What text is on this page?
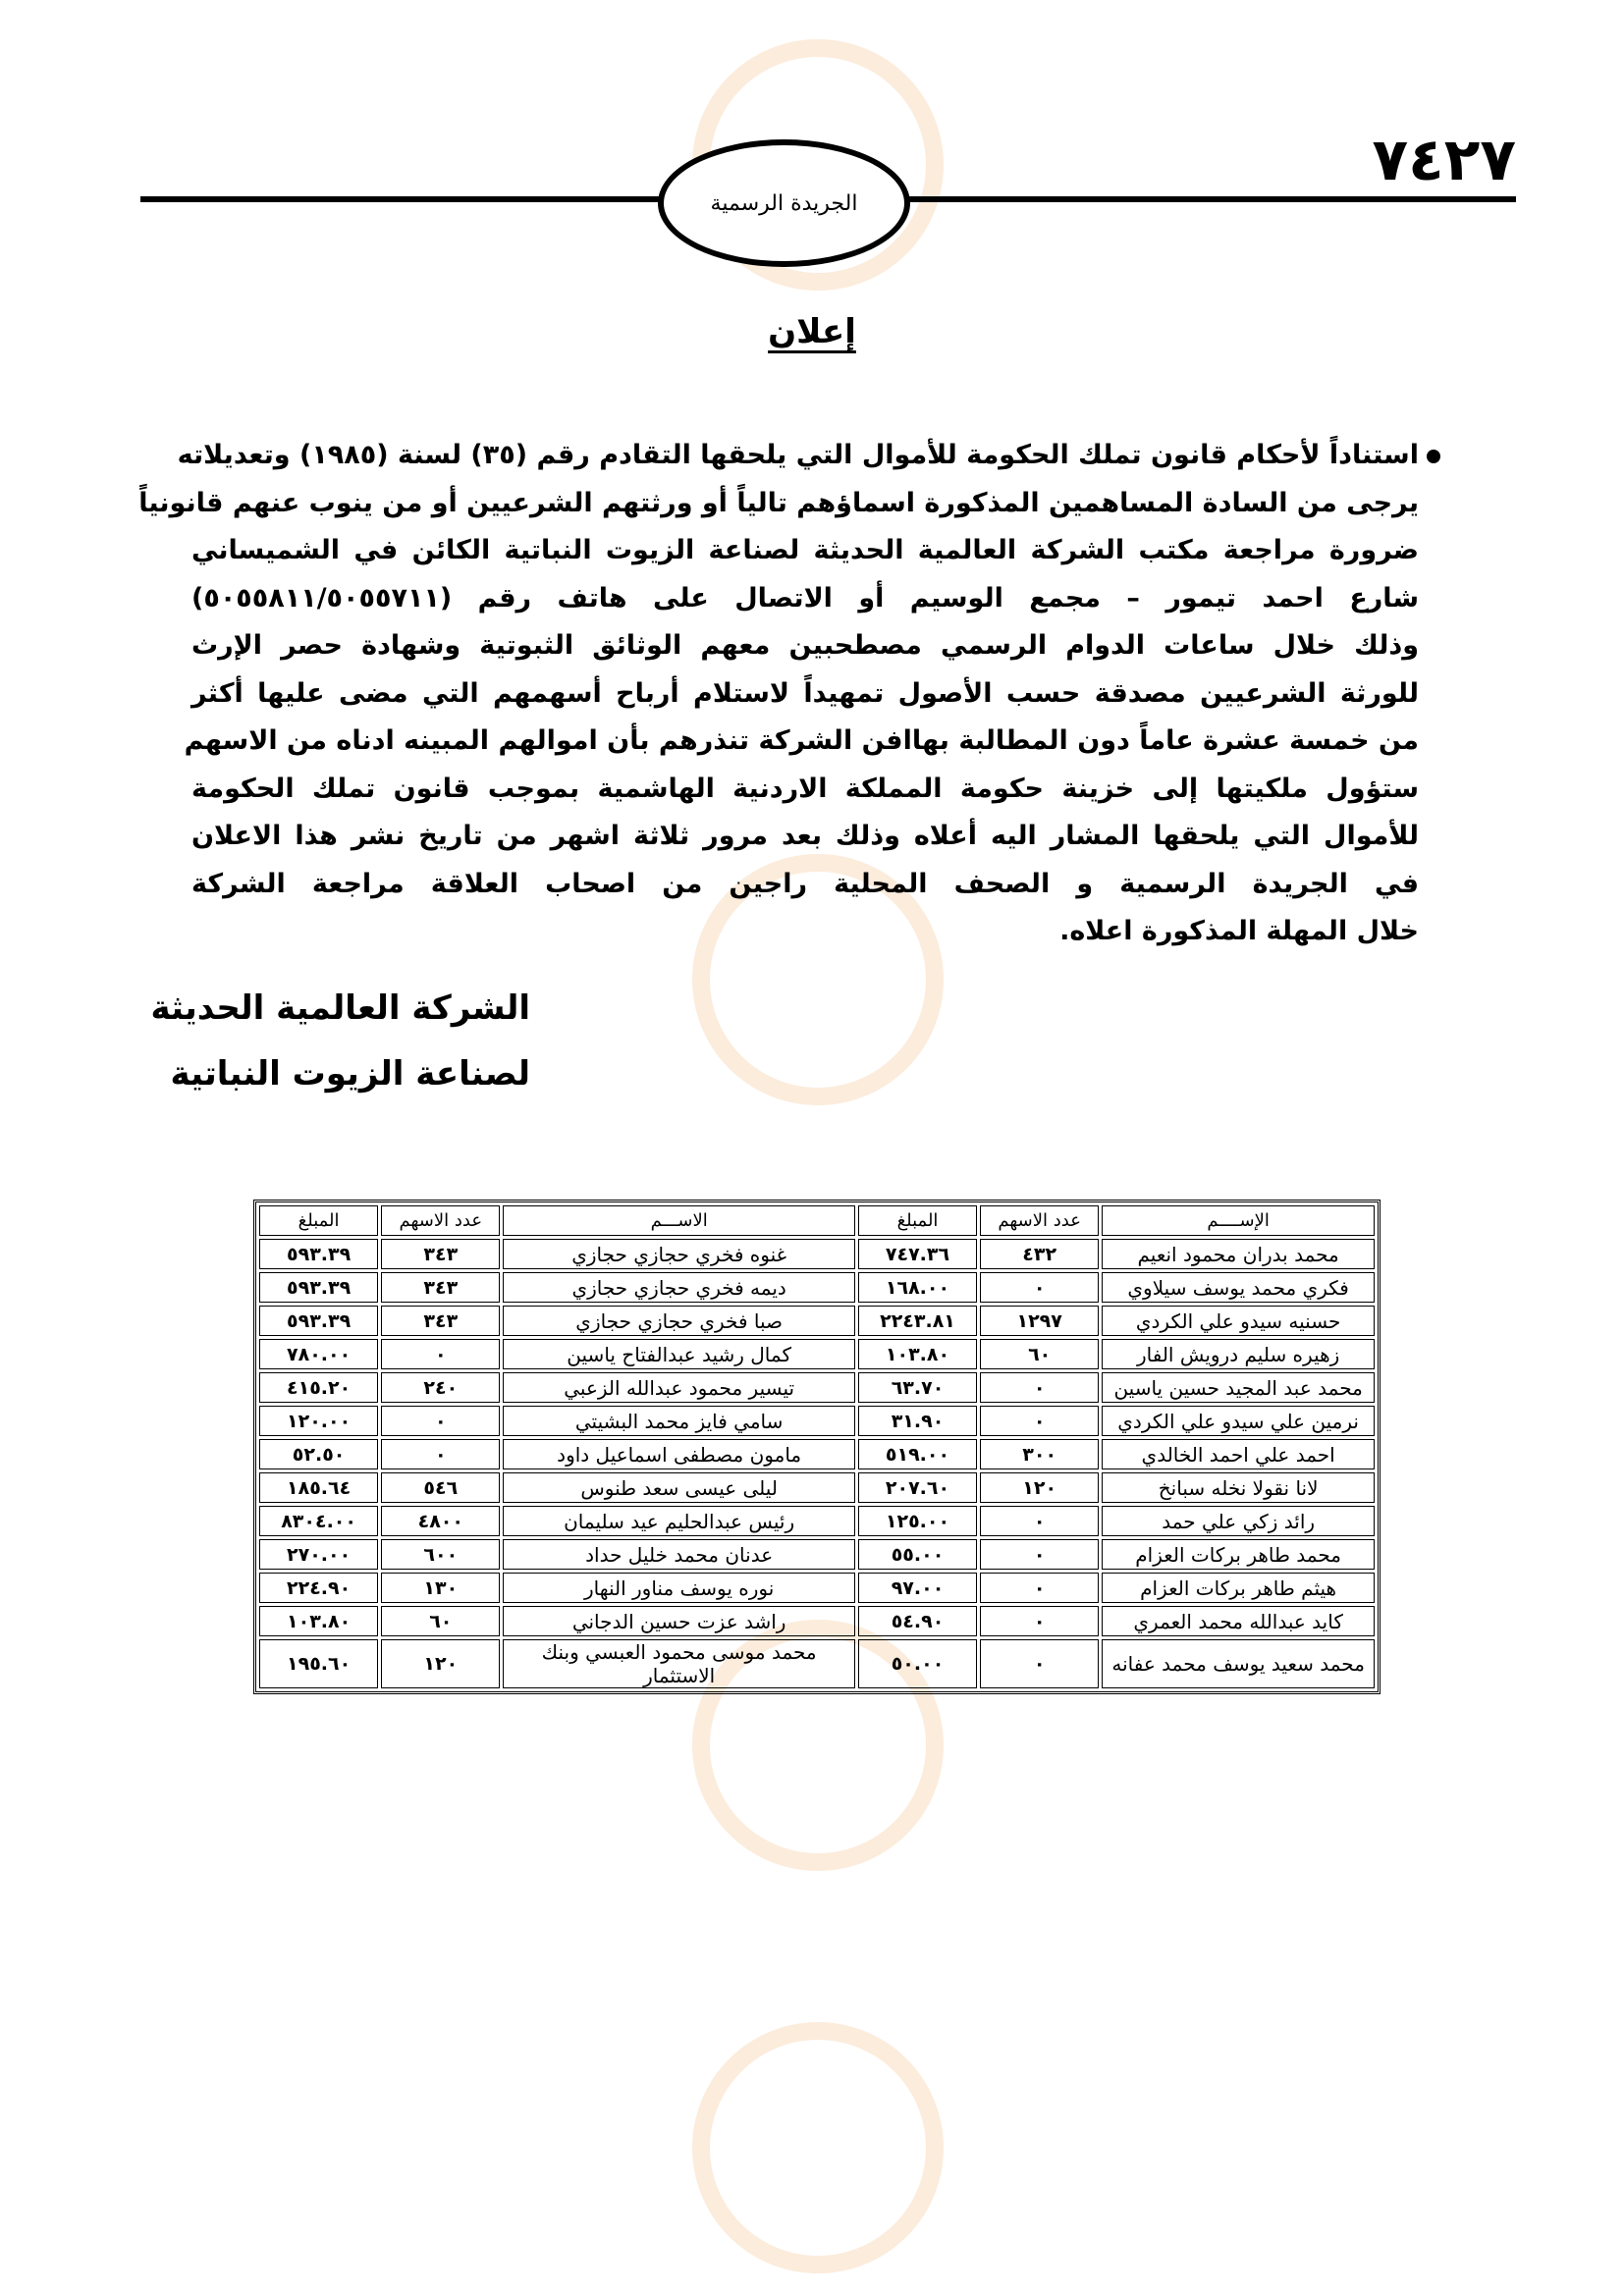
الجريدة الرسمية
٧٤٢٧
إعلان
استناداً لأحكام قانون تملك الحكومة للأموال التي يلحقها التقادم رقم (٣٥) لسنة (١٩٨٥) وتعديلاته
يرجى من السادة المساهمين المذكورة اسماؤهم تالياً أو ورثتهم الشرعيين أو من ينوب عنهم قانونياً
ضرورة مراجعة مكتب الشركة العالمية الحديثة لصناعة الزيوت النباتية الكائن في الشميساني
شارع احمد تيمور – مجمع الوسيم أو الاتصال على هاتف رقم (٥٠٥٥٨١١/٥٠٥٥٧١١)
وذلك خلال ساعات الدوام الرسمي مصطحبين معهم الوثائق الثبوتية وشهادة حصر الإرث
للورثة الشرعيين مصدقة حسب الأصول تمهيداً لاستلام أرباح أسهمهم التي مضى عليها أكثر
من خمسة عشرة عاماً دون المطالبة بهاافن الشركة تنذرهم بأن اموالهم المبينه ادناه من الاسهم
ستؤول ملكيتها إلى خزينة حكومة المملكة الاردنية الهاشمية بموجب قانون تملك الحكومة
للأموال التي يلحقها المشار اليه أعلاه وذلك بعد مرور ثلاثة اشهر من تاريخ نشر هذا الاعلان
في الجريدة الرسمية و الصحف المحلية راجين من اصحاب العلاقة مراجعة الشركة
خلال المهلة المذكورة اعلاه.
الشركة العالمية الحديثة
لصناعة الزيوت النباتية
الإســــم	عدد الاسهم	المبلغ	الاســـم	عدد الاسهم	المبلغ
محمد بدران محمود انعيم	٤٣٢	٧٤٧.٣٦	غنوه فخري حجازي حجازي	٣٤٣	٥٩٣.٣٩
فكري محمد يوسف سيلاوي	٠	١٦٨.٠٠	ديمه فخري حجازي حجازي	٣٤٣	٥٩٣.٣٩
حسنيه سيدو علي الكردي	١٢٩٧	٢٢٤٣.٨١	صبا فخري حجازي حجازي	٣٤٣	٥٩٣.٣٩
زهيره سليم درويش الفار	٦٠	١٠٣.٨٠	كمال رشيد عبدالفتاح ياسين	٠	٧٨٠.٠٠
محمد عبد المجيد حسين ياسين	٠	٦٣.٧٠	تيسير محمود عبدالله الزعبي	٢٤٠	٤١٥.٢٠
نرمين علي سيدو علي الكردي	٠	٣١.٩٠	سامي فايز محمد البشيتي	٠	١٢٠.٠٠
احمد علي احمد الخالدي	٣٠٠	٥١٩.٠٠	مامون مصطفى اسماعيل داود	٠	٥٢.٥٠
لانا نقولا نخله سبانخ	١٢٠	٢٠٧.٦٠	ليلى عيسى سعد طنوس	٥٤٦	١٨٥.٦٤
رائد زكي علي حمد	٠	١٢٥.٠٠	رئيس عبدالحليم عيد سليمان	٤٨٠٠	٨٣٠٤.٠٠
محمد طاهر بركات العزام	٠	٥٥.٠٠	عدنان محمد خليل حداد	٦٠٠	٢٧٠.٠٠
هيثم طاهر بركات العزام	٠	٩٧.٠٠	نوره يوسف مناور النهار	١٣٠	٢٢٤.٩٠
كايد عبدالله محمد العمري	٠	٥٤.٩٠	راشد عزت حسين الدجاني	٦٠	١٠٣.٨٠
محمد سعيد يوسف محمد عفانه	٠	٥٠.٠٠	محمد موسى محمود العبسي وبنك الاستثمار	١٢٠	١٩٥.٦٠
